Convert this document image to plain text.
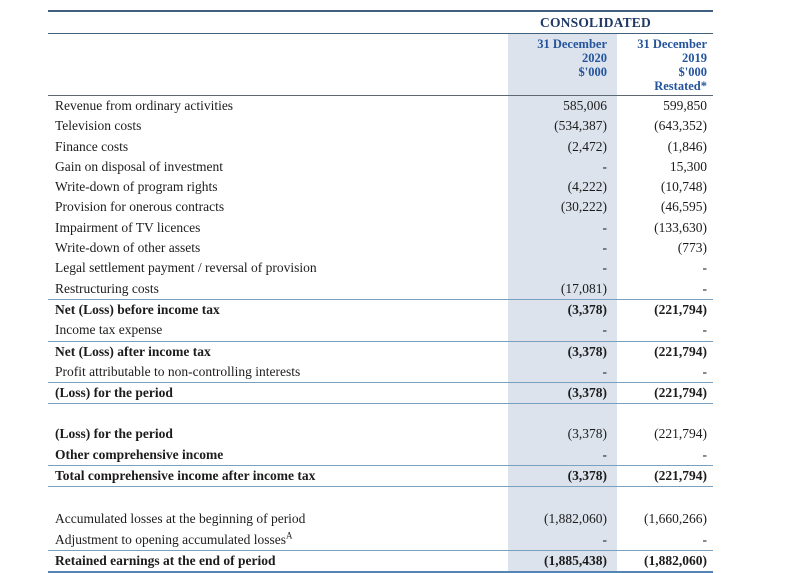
CONSOLIDATED
31 December
2020
$'000
31 December
2019
$'000
Restated*
Revenue from ordinary activities	585,006	599,850
Television costs	(534,387)	(643,352)
Finance costs	(2,472)	(1,846)
Gain on disposal of investment	-	15,300
Write-down of program rights	(4,222)	(10,748)
Provision for onerous contracts	(30,222)	(46,595)
Impairment of TV licences	-	(133,630)
Write-down of other assets	-	(773)
Legal settlement payment / reversal of provision	-	-
Restructuring costs	(17,081)	-
Net (Loss) before income tax	(3,378)	(221,794)
Income tax expense	-	-
Net (Loss) after income tax	(3,378)	(221,794)
Profit attributable to non-controlling interests	-	-
(Loss) for the period	(3,378)	(221,794)
(Loss) for the period	(3,378)	(221,794)
Other comprehensive income	-	-
Total comprehensive income after income tax	(3,378)	(221,794)
Accumulated losses at the beginning of period	(1,882,060)	(1,660,266)
Adjustment to opening accumulated losses$^A$	-	-
Retained earnings at the end of period	(1,885,438)	(1,882,060)
